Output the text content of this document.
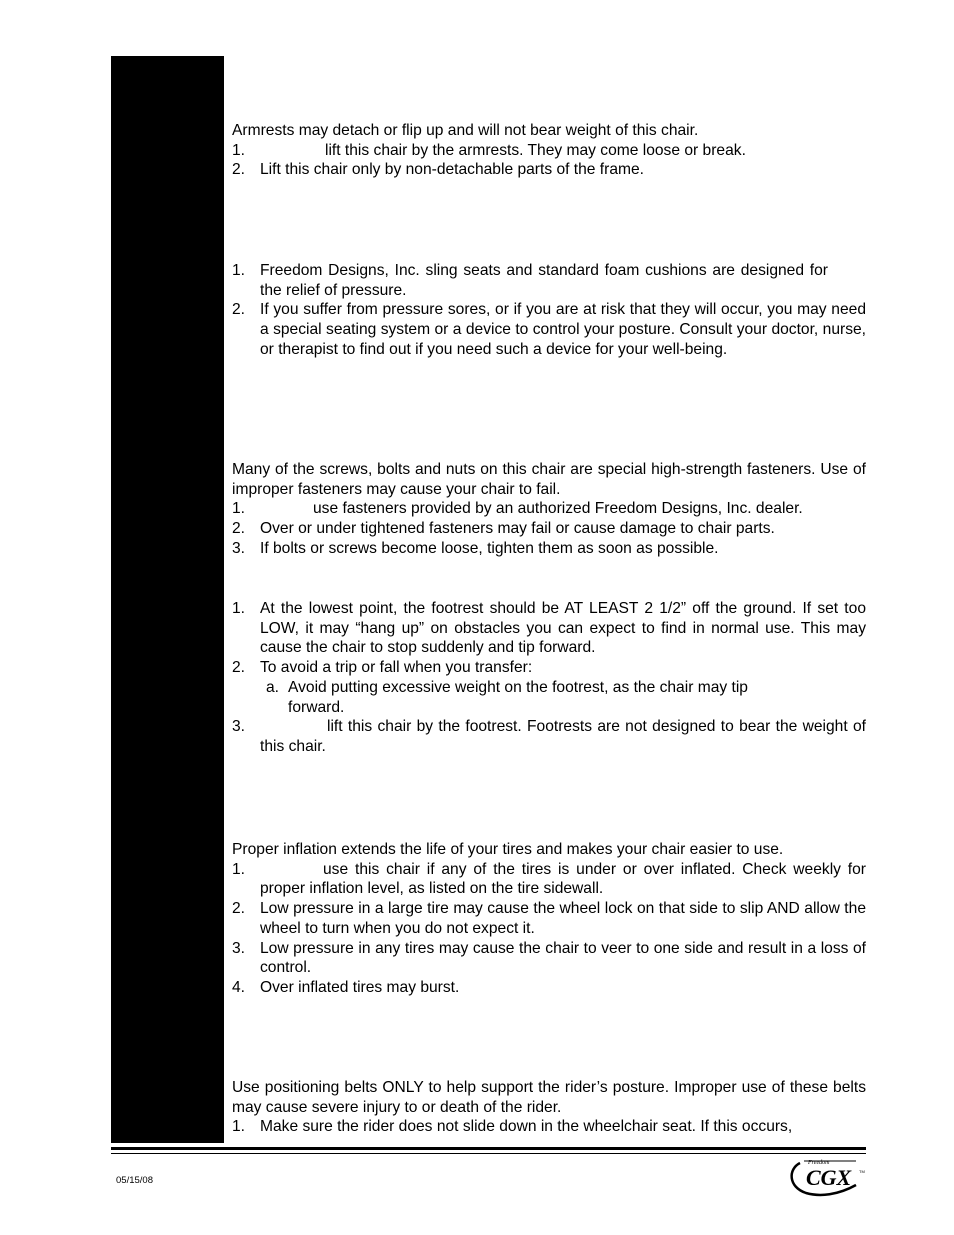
Armrests may detach or flip up and will not bear weight of this chair.

1.	lift this chair by the armrests. They may come loose or break.
2. Lift this chair only by non-detachable parts of the frame.
1. Freedom Designs, Inc. sling seats and standard foam cushions are designed for the relief of pressure.
2. If you suffer from pressure sores, or if you are at risk that they will occur, you may need a special seating system or a device to control your posture. Consult your doctor, nurse, or therapist to find out if you need such a device for your well-being.

Many of the screws, bolts and nuts on this chair are special high-strength fasteners. Use of improper fasteners may cause your chair to fail.

1.	use fasteners provided by an authorized Freedom Designs, Inc. dealer.
2. Over or under tightened fasteners may fail or cause damage to chair parts.
3. If bolts or screws become loose, tighten them as soon as possible.
1. At the lowest point, the footrest should be AT LEAST 2 1/2” off the ground. If set too LOW, it may “hang up” on obstacles you can expect to find in normal use. This may cause the chair to stop suddenly and tip forward.
2. To avoid a trip or fall when you transfer:
a. Avoid putting excessive weight on the footrest, as the chair may tip forward.
3.	lift this chair by the footrest. Footrests are not designed to bear the weight of this chair.

Proper inflation extends the life of your tires and makes your chair easier to use.

1.	use this chair if any of the tires is under or over inflated. Check weekly for proper inflation level, as listed on the tire sidewall.
2. Low pressure in a large tire may cause the wheel lock on that side to slip AND allow the wheel to turn when you do not expect it.
3. Low pressure in any tires may cause the chair to veer to one side and result in a loss of control.
4. Over inflated tires may burst.

Use positioning belts ONLY to help support the rider’s posture. Improper use of these belts may cause severe injury to or death of the rider.

1. Make sure the rider does not slide down in the wheelchair seat. If this occurs,
05/15/08
Freedom
CGX	TM
